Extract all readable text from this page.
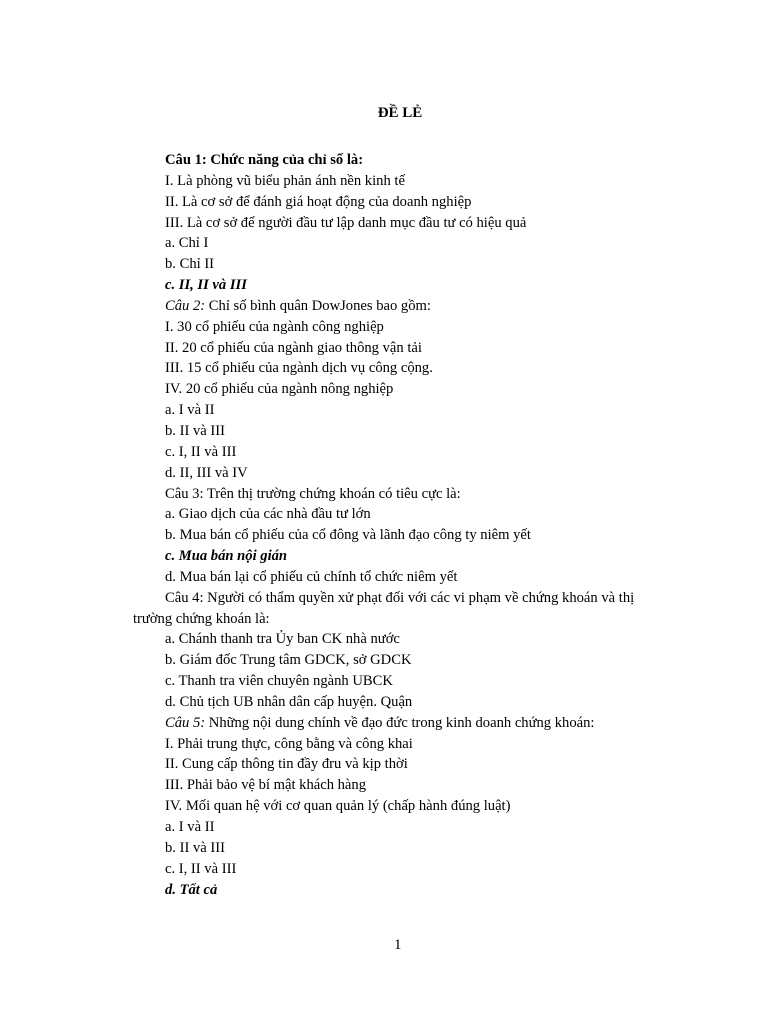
ĐỀ LẺ
Câu 1: Chức năng của chỉ số là:
I. Là phòng vũ biểu phản ánh nền kinh tế
II. Là cơ sở để đánh giá hoạt động của doanh nghiệp
III. Là cơ sở để người đầu tư lập danh mục đầu tư có hiệu quả
a. Chỉ I
b. Chỉ II
c. II, II và III
Câu 2: Chỉ số bình quân DowJones bao gồm:
I. 30 cổ phiếu của ngành công nghiệp
II. 20 cổ phiếu của ngành giao thông vận tải
III. 15 cổ phiếu của ngành dịch vụ công cộng.
IV. 20 cổ phiếu của ngành nông nghiệp
a. I và II
b. II và III
c. I, II và III
d. II, III và IV
Câu 3: Trên thị trường chứng khoán có tiêu cực là:
a. Giao dịch của các nhà đầu tư lớn
b. Mua bán cổ phiếu của cổ đông và lãnh đạo công ty niêm yết
c. Mua bán nội gián
d. Mua bán lại cổ phiếu củ chính tổ chức niêm yết
Câu 4: Người có thẩm quyền xử phạt đối với các vi phạm về chứng khoán và thị
trường chứng khoán là:
a. Chánh thanh tra Ủy ban CK nhà nước
b. Giám đốc Trung tâm GDCK, sở GDCK
c. Thanh tra viên chuyên ngành UBCK
d. Chủ tịch UB nhân dân cấp huyện. Quận
Câu 5: Những nội dung chính về đạo đức trong kinh doanh chứng khoán:
I. Phải trung thực, công bằng và công khai
II. Cung cấp thông tin đầy đru và kịp thời
III. Phải bảo vệ bí mật khách hàng
IV. Mối quan hệ với cơ quan quản lý (chấp hành đúng luật)
a. I và II
b. II và III
c. I, II và III
d. Tất cả
1
